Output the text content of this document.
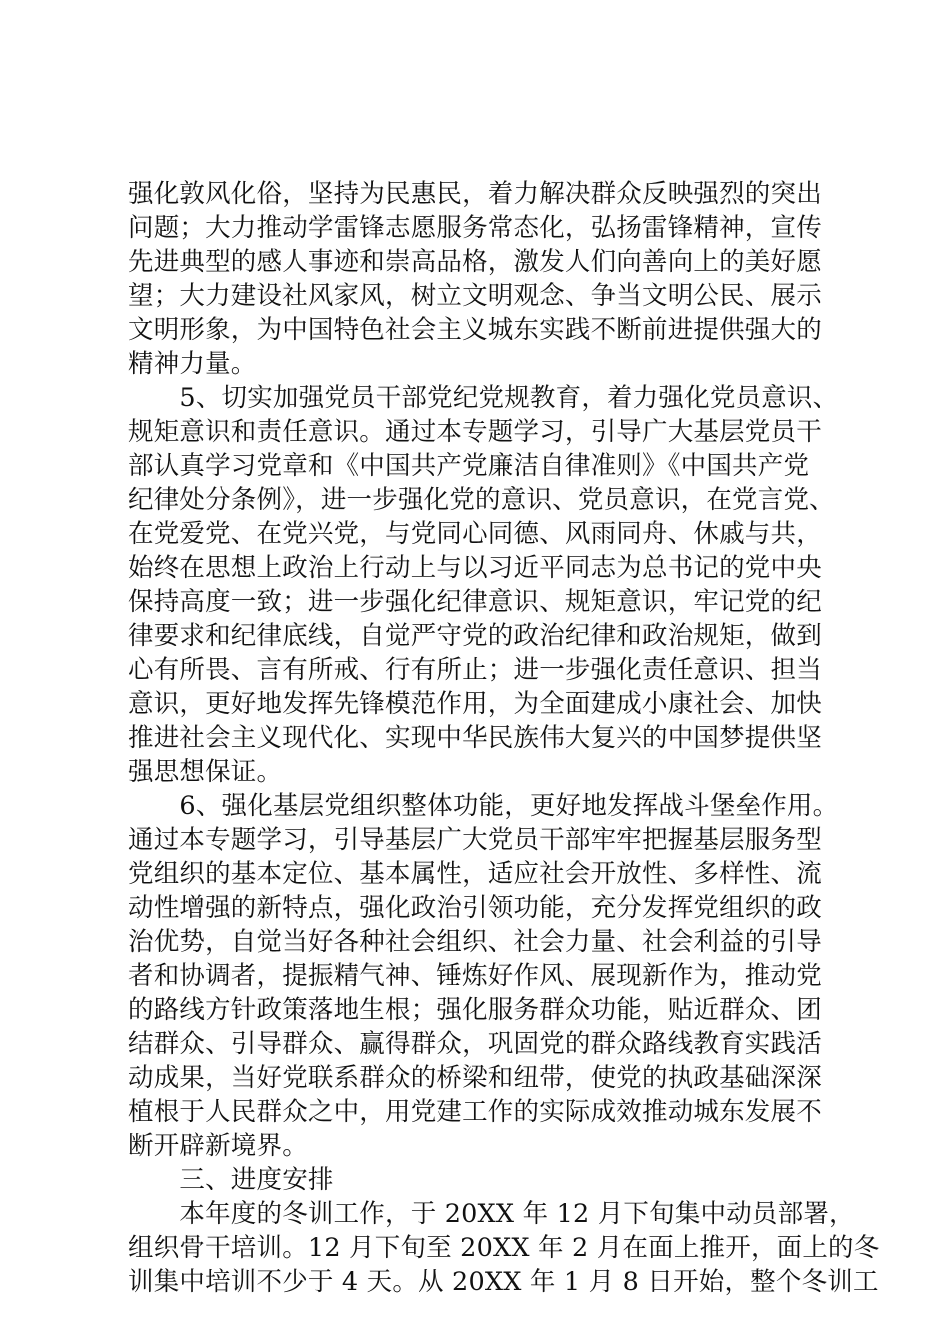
强化敦风化俗，坚持为民惠民，着力解决群众反映强烈的突出
问题；大力推动学雷锋志愿服务常态化，弘扬雷锋精神，宣传
先进典型的感人事迹和崇高品格，激发人们向善向上的美好愿
望；大力建设社风家风，树立文明观念、争当文明公民、展示
文明形象，为中国特色社会主义城东实践不断前进提供强大的
精神力量。
　　5、切实加强党员干部党纪党规教育，着力强化党员意识、
规矩意识和责任意识。通过本专题学习，引导广大基层党员干
部认真学习党章和《中国共产党廉洁自律准则》《中国共产党
纪律处分条例》，进一步强化党的意识、党员意识，在党言党、
在党爱党、在党兴党，与党同心同德、风雨同舟、休戚与共，
始终在思想上政治上行动上与以习近平同志为总书记的党中央
保持高度一致；进一步强化纪律意识、规矩意识，牢记党的纪
律要求和纪律底线，自觉严守党的政治纪律和政治规矩，做到
心有所畏、言有所戒、行有所止；进一步强化责任意识、担当
意识，更好地发挥先锋模范作用，为全面建成小康社会、加快
推进社会主义现代化、实现中华民族伟大复兴的中国梦提供坚
强思想保证。
　　6、强化基层党组织整体功能，更好地发挥战斗堡垒作用。
通过本专题学习，引导基层广大党员干部牢牢把握基层服务型
党组织的基本定位、基本属性，适应社会开放性、多样性、流
动性增强的新特点，强化政治引领功能，充分发挥党组织的政
治优势，自觉当好各种社会组织、社会力量、社会利益的引导
者和协调者，提振精气神、锤炼好作风、展现新作为，推动党
的路线方针政策落地生根；强化服务群众功能，贴近群众、团
结群众、引导群众、赢得群众，巩固党的群众路线教育实践活
动成果，当好党联系群众的桥梁和纽带，使党的执政基础深深
植根于人民群众之中，用党建工作的实际成效推动城东发展不
断开辟新境界。
　　三、进度安排
　　本年度的冬训工作，于 20XX 年 12 月下旬集中动员部署，
组织骨干培训。12 月下旬至 20XX 年 2 月在面上推开，面上的冬
训集中培训不少于 4 天。从 20XX 年 1 月 8 日开始，整个冬训工
